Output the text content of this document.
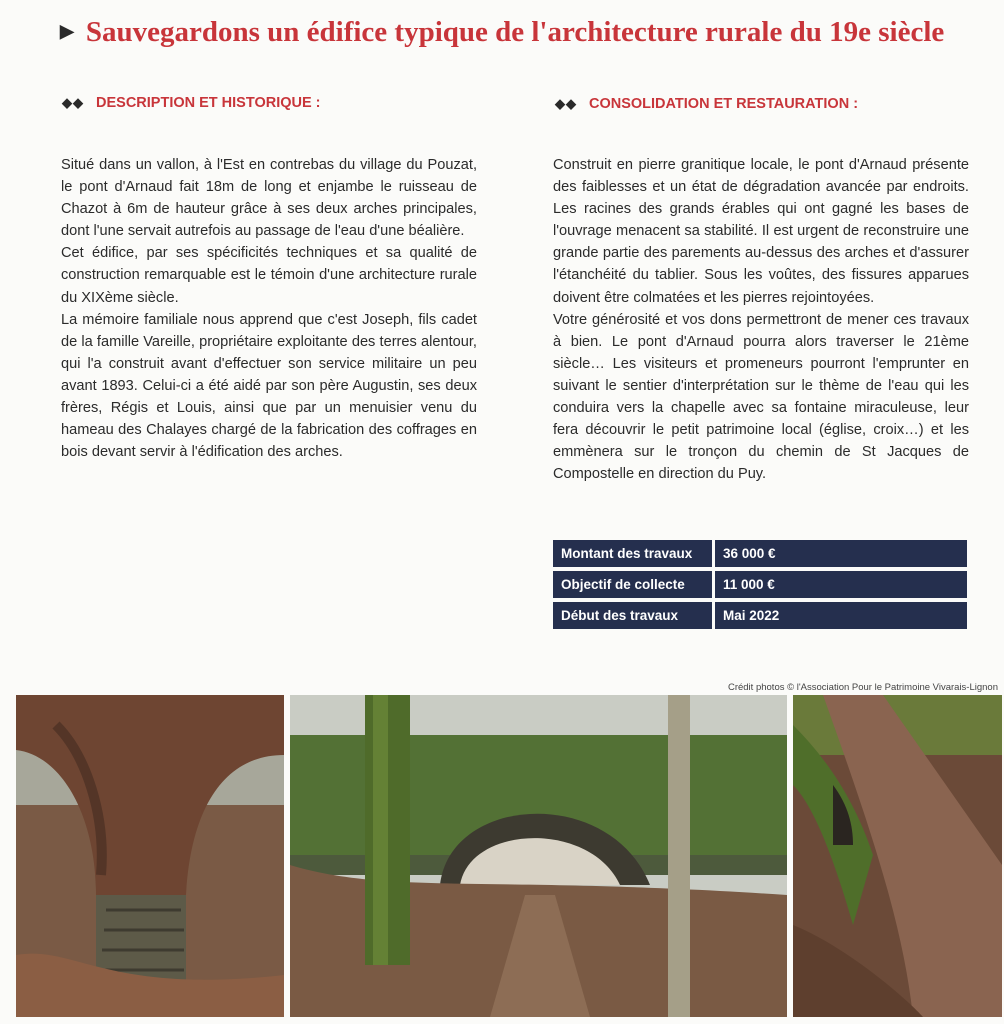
▶ Sauvegardons un édifice typique de l'architecture rurale du 19e siècle
◆◆ DESCRIPTION ET HISTORIQUE :	◆◆ CONSOLIDATION ET RESTAURATION :

Situé dans un vallon, à l'Est en contrebas du village du Pouzat, le pont d'Arnaud fait 18m de long et enjambe le ruisseau de Chazot à 6m de hauteur grâce à ses deux arches principales, dont l'une servait autrefois au passage de l'eau d'une béalière.

Cet édifice, par ses spécificités techniques et sa qualité de construction remarquable est le témoin d'une architecture rurale du XIXème siècle.

La mémoire familiale nous apprend que c'est Joseph, fils cadet de la famille Vareille, propriétaire exploitante des terres alentour, qui l'a construit avant d'effectuer son service militaire un peu avant 1893. Celui-ci a été aidé par son père Augustin, ses deux frères, Régis et Louis, ainsi que par un menuisier venu du hameau des Chalayes chargé de la fabrication des coffrages en bois devant servir à l'édification des arches.

Construit en pierre granitique locale, le pont d'Arnaud présente des faiblesses et un état de dégradation avancée par endroits. Les racines des grands érables qui ont gagné les bases de l'ouvrage menacent sa stabilité. Il est urgent de reconstruire une grande partie des parements au-dessus des arches et d'assurer l'étanchéité du tablier. Sous les voûtes, des fissures apparues doivent être colmatées et les pierres rejointoyées.

Votre générosité et vos dons permettront de mener ces travaux à bien. Le pont d'Arnaud pourra alors traverser le 21ème siècle… Les visiteurs et promeneurs pourront l'emprunter en suivant le sentier d'interprétation sur le thème de l'eau qui les conduira vers la chapelle avec sa fontaine miraculeuse, leur fera découvrir le petit patrimoine local (église, croix…) et les emmènera sur le tronçon du chemin de St Jacques de Compostelle en direction du Puy.

Montant des travaux	36 000 €
Objectif de collecte	11 000 €
Début des travaux	Mai 2022
Crédit photos © l'Association Pour le Patrimoine Vivarais-Lignon
